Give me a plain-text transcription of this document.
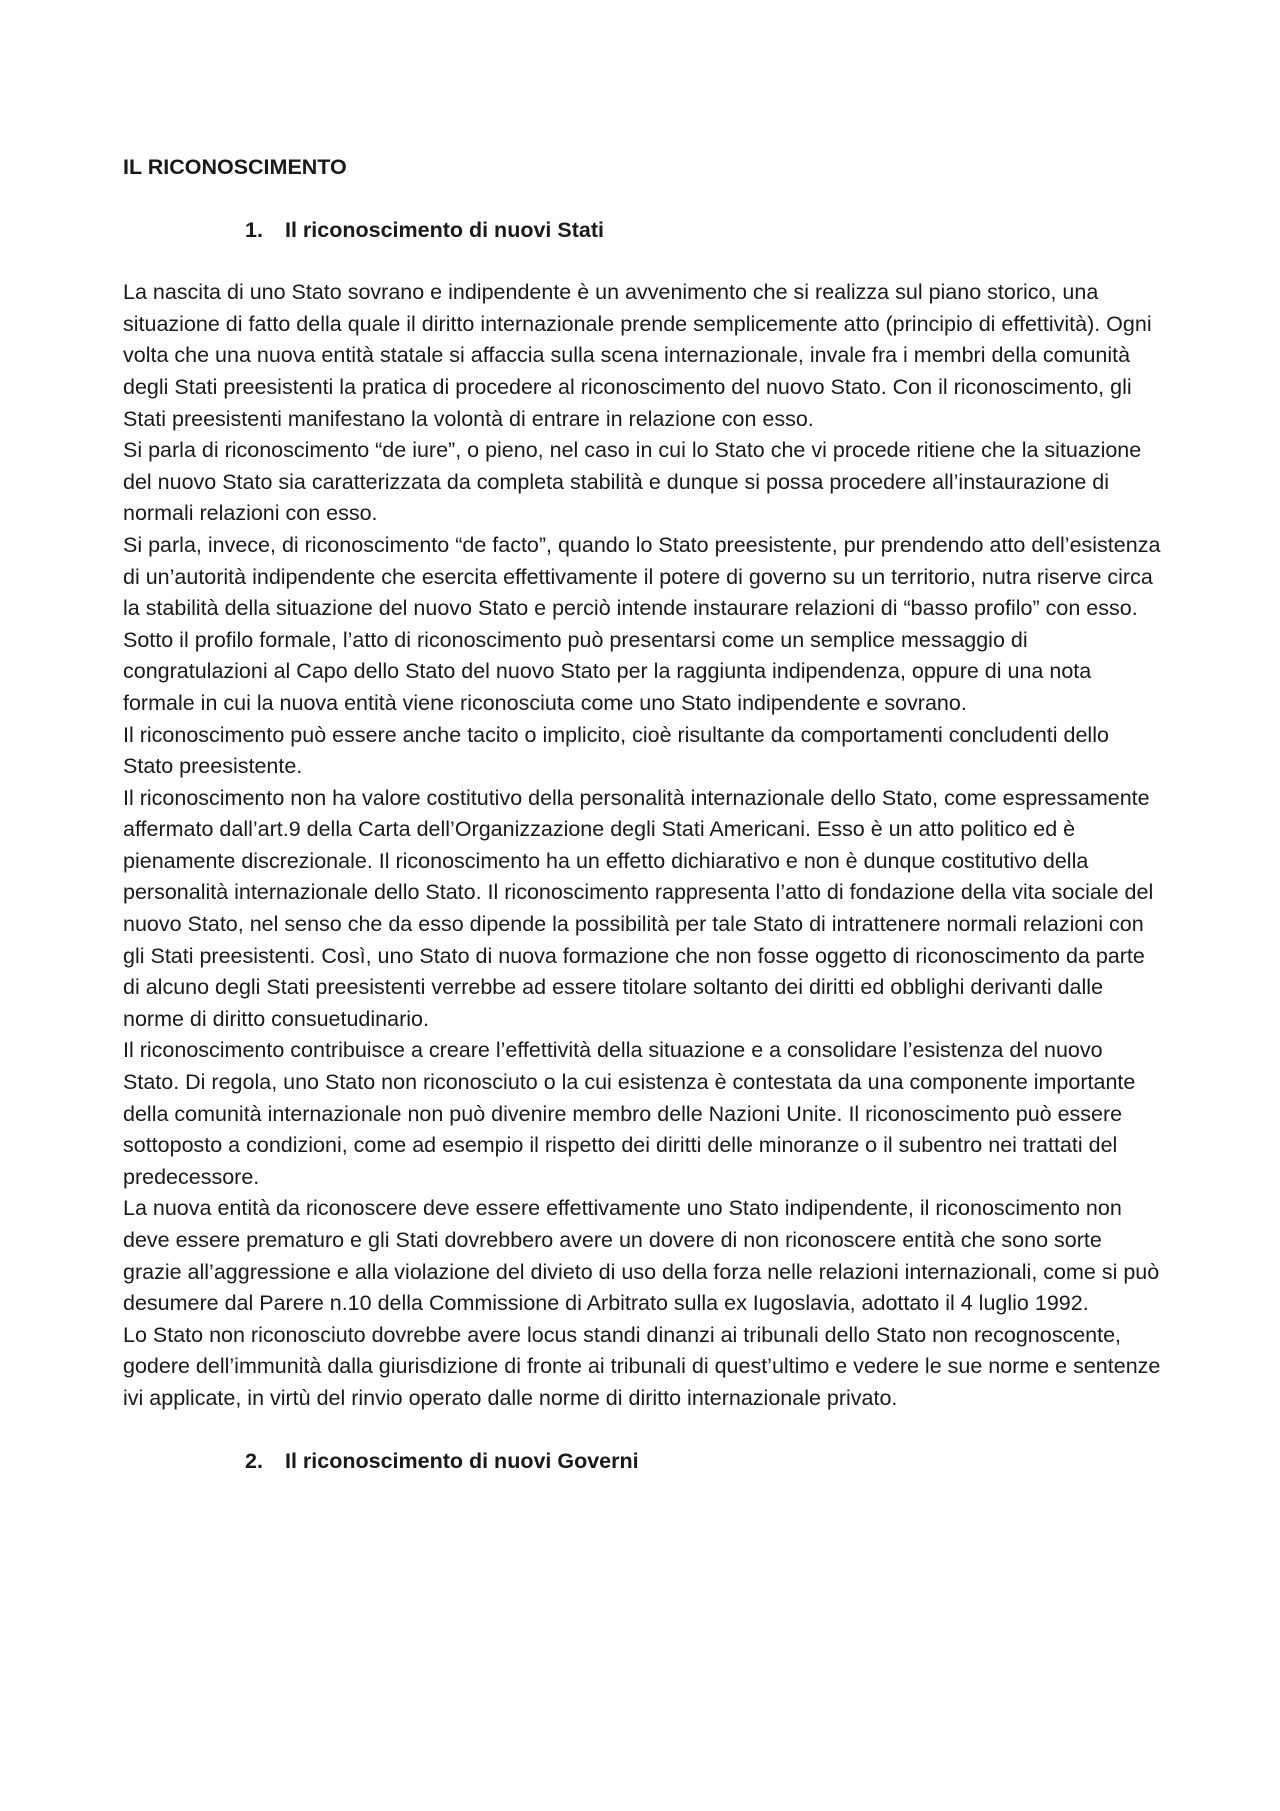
IL RICONOSCIMENTO

1.	Il riconoscimento di nuovi Stati

La nascita di uno Stato sovrano e indipendente è un avvenimento che si realizza sul piano storico, una situazione di fatto della quale il diritto internazionale prende semplicemente atto (principio di effettività). Ogni volta che una nuova entità statale si affaccia sulla scena internazionale, invale fra i membri della comunità degli Stati preesistenti la pratica di procedere al riconoscimento del nuovo Stato. Con il riconoscimento, gli Stati preesistenti manifestano la volontà di entrare in relazione con esso.

Si parla di riconoscimento “de iure”, o pieno, nel caso in cui lo Stato che vi procede ritiene che la situazione del nuovo Stato sia caratterizzata da completa stabilità e dunque si possa procedere all’instaurazione di normali relazioni con esso.

Si parla, invece, di riconoscimento “de facto”, quando lo Stato preesistente, pur prendendo atto dell’esistenza di un’autorità indipendente che esercita effettivamente il potere di governo su un territorio, nutra riserve circa la stabilità della situazione del nuovo Stato e perciò intende instaurare relazioni di “basso profilo” con esso.

Sotto il profilo formale, l’atto di riconoscimento può presentarsi come un semplice messaggio di congratulazioni al Capo dello Stato del nuovo Stato per la raggiunta indipendenza, oppure di una nota formale in cui la nuova entità viene riconosciuta come uno Stato indipendente e sovrano.

Il riconoscimento può essere anche tacito o implicito, cioè risultante da comportamenti concludenti dello Stato preesistente.

Il riconoscimento non ha valore costitutivo della personalità internazionale dello Stato, come espressamente affermato dall’art.9 della Carta dell’Organizzazione degli Stati Americani. Esso è un atto politico ed è pienamente discrezionale. Il riconoscimento ha un effetto dichiarativo e non è dunque costitutivo della personalità internazionale dello Stato. Il riconoscimento rappresenta l’atto di fondazione della vita sociale del nuovo Stato, nel senso che da esso dipende la possibilità per tale Stato di intrattenere normali relazioni con gli Stati preesistenti. Così, uno Stato di nuova formazione che non fosse oggetto di riconoscimento da parte di alcuno degli Stati preesistenti verrebbe ad essere titolare soltanto dei diritti ed obblighi derivanti dalle norme di diritto consuetudinario.

Il riconoscimento contribuisce a creare l’effettività della situazione e a consolidare l’esistenza del nuovo Stato. Di regola, uno Stato non riconosciuto o la cui esistenza è contestata da una componente importante della comunità internazionale non può divenire membro delle Nazioni Unite. Il riconoscimento può essere sottoposto a condizioni, come ad esempio il rispetto dei diritti delle minoranze o il subentro nei trattati del predecessore.

La nuova entità da riconoscere deve essere effettivamente uno Stato indipendente, il riconoscimento non deve essere prematuro e gli Stati dovrebbero avere un dovere di non riconoscere entità che sono sorte grazie all’aggressione e alla violazione del divieto di uso della forza nelle relazioni internazionali, come si può desumere dal Parere n.10 della Commissione di Arbitrato sulla ex Iugoslavia, adottato il 4 luglio 1992.

Lo Stato non riconosciuto dovrebbe avere locus standi dinanzi ai tribunali dello Stato non recognoscente, godere dell’immunità dalla giurisdizione di fronte ai tribunali di quest’ultimo e vedere le sue norme e sentenze ivi applicate, in virtù del rinvio operato dalle norme di diritto internazionale privato.

2.	Il riconoscimento di nuovi Governi
